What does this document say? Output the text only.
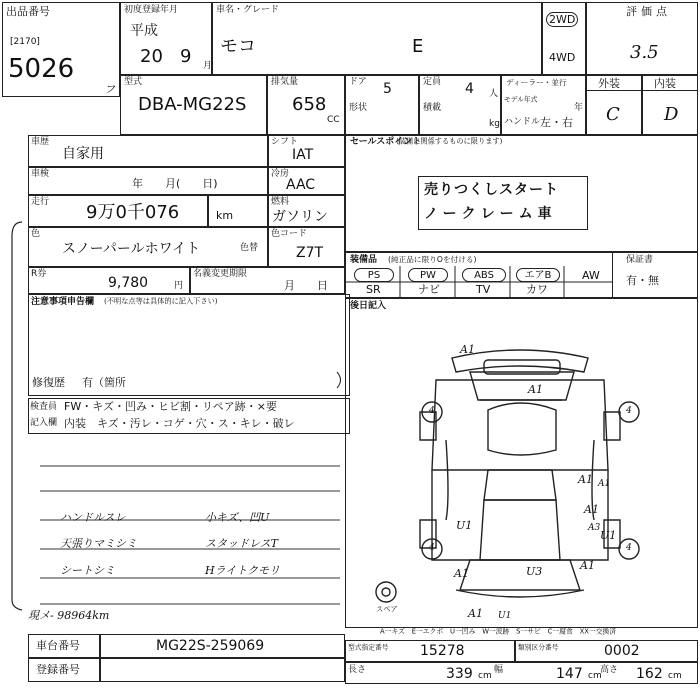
出品番号
[2170]
5026
フ
初度登録年月
平成
20 9 月
車名・グレード
モコ	E
2WD
4WD
評価点
3.5
型式
DBA-MG22S
排気量
658
CC
ドア 5
形状
定員 4 人
積載
kg
ディーラー・並行
モデル年式
年
ハンドル 左・右
外装	内装
C D
車歴
自家用
シフト
IAT
車検
年　　月(　　日)
冷房
AAC
走行 9万0千076	km
燃料
ガソリン
色
スノーパールホワイト	色替
色コード
Z7T
R券
9,780	円
名義変更期限
月　　日
注意事項申告欄 (不明な点等は具体的に記入下さい)
修復歴 有（箇所
検査員
記入欄
FW・キズ・凹み・ヒビ割・リペア跡・×要
内装　キズ・汚レ・コゲ・穴・ス・キレ・破レ
ハンドルスレ
天張りマミシミ
シートシミ
小キズ、凹U
スタッドレスT
Hライトクモリ
現メ- 98964km
セールスポイント
(装備に関係するものに限ります)
売りつくしスタート
ノークレーム車
装備品 (純正品に限りOを付ける)	保証書
有・無
PS	PW	ABS	エアB	AW
SR	ナビ	TV	カワ
後日記入
A1
A1
A1
A1
A1
A1
A1
U1
U1
U3
4	4
4	4
A3
A1
U1
スペア
A一キズ　E一エクボ　U一凹み　W一波跡　S一サビ　C一腐食　XX一交換済
車台番号	MG22S-259069
登録番号
型式指定番号 15278	類別区分番号	0002
長さ	339 cm
幅	147 cm
高さ 162 cm
